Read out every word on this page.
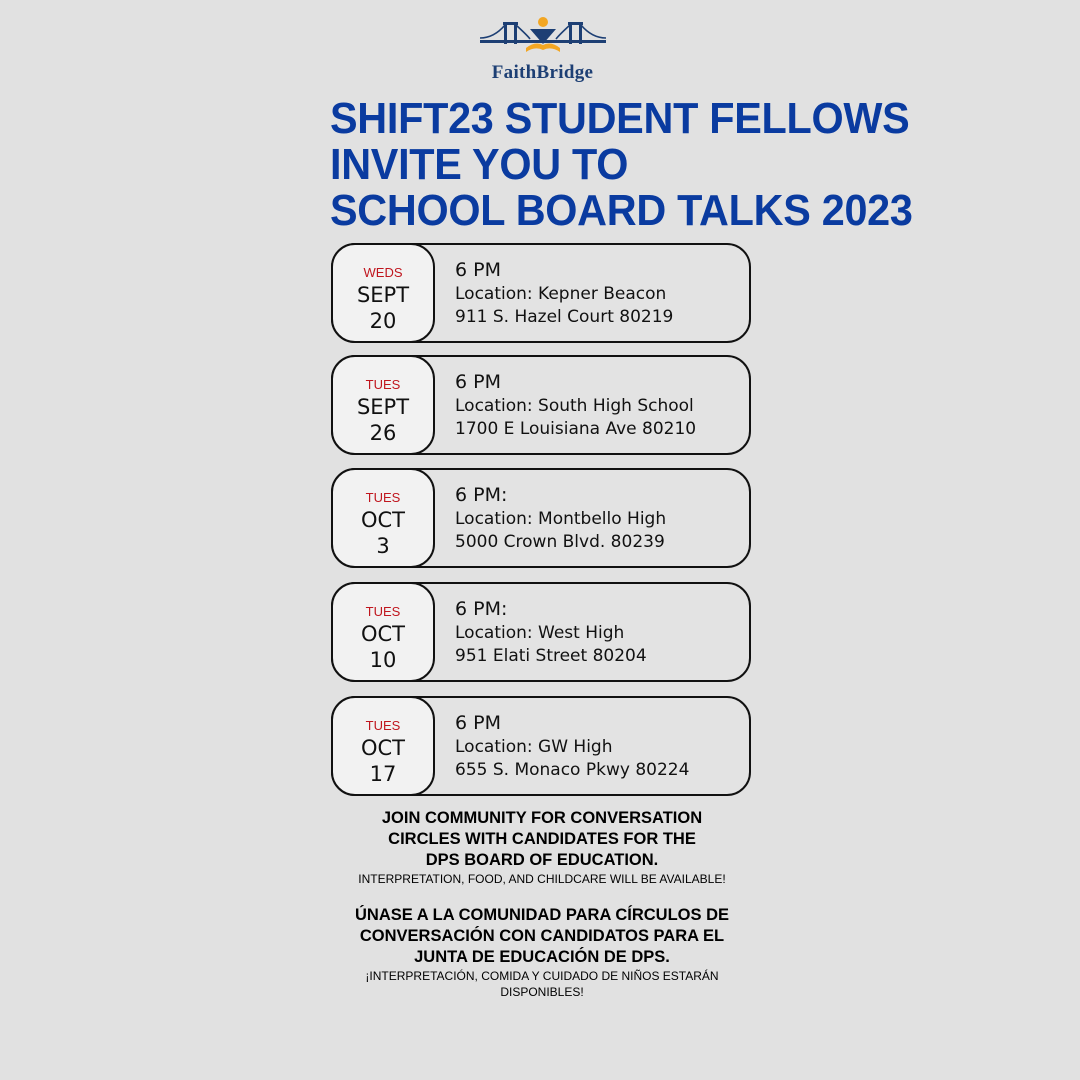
FaithBridge
SHIFT23 STUDENT FELLOWS
INVITE YOU TO
SCHOOL BOARD TALKS 2023
WEDS
SEPT
20
6 PM
Location: Kepner Beacon
911 S. Hazel Court 80219
TUES
SEPT
26
6 PM
Location: South High School
1700 E Louisiana Ave 80210
TUES
OCT
3
6 PM:
Location: Montbello High
5000 Crown Blvd. 80239
TUES
OCT
10
6 PM:
Location: West High
951 Elati Street 80204
TUES
OCT
17
6 PM
Location: GW High
655 S. Monaco Pkwy 80224
JOIN COMMUNITY FOR CONVERSATION
CIRCLES WITH CANDIDATES FOR THE
DPS BOARD OF EDUCATION.
INTERPRETATION, FOOD, AND CHILDCARE WILL BE AVAILABLE!
ÚNASE A LA COMUNIDAD PARA CÍRCULOS DE
CONVERSACIÓN CON CANDIDATOS PARA EL
JUNTA DE EDUCACIÓN DE DPS.
¡INTERPRETACIÓN, COMIDA Y CUIDADO DE NIÑOS ESTARÁN
DISPONIBLES!
